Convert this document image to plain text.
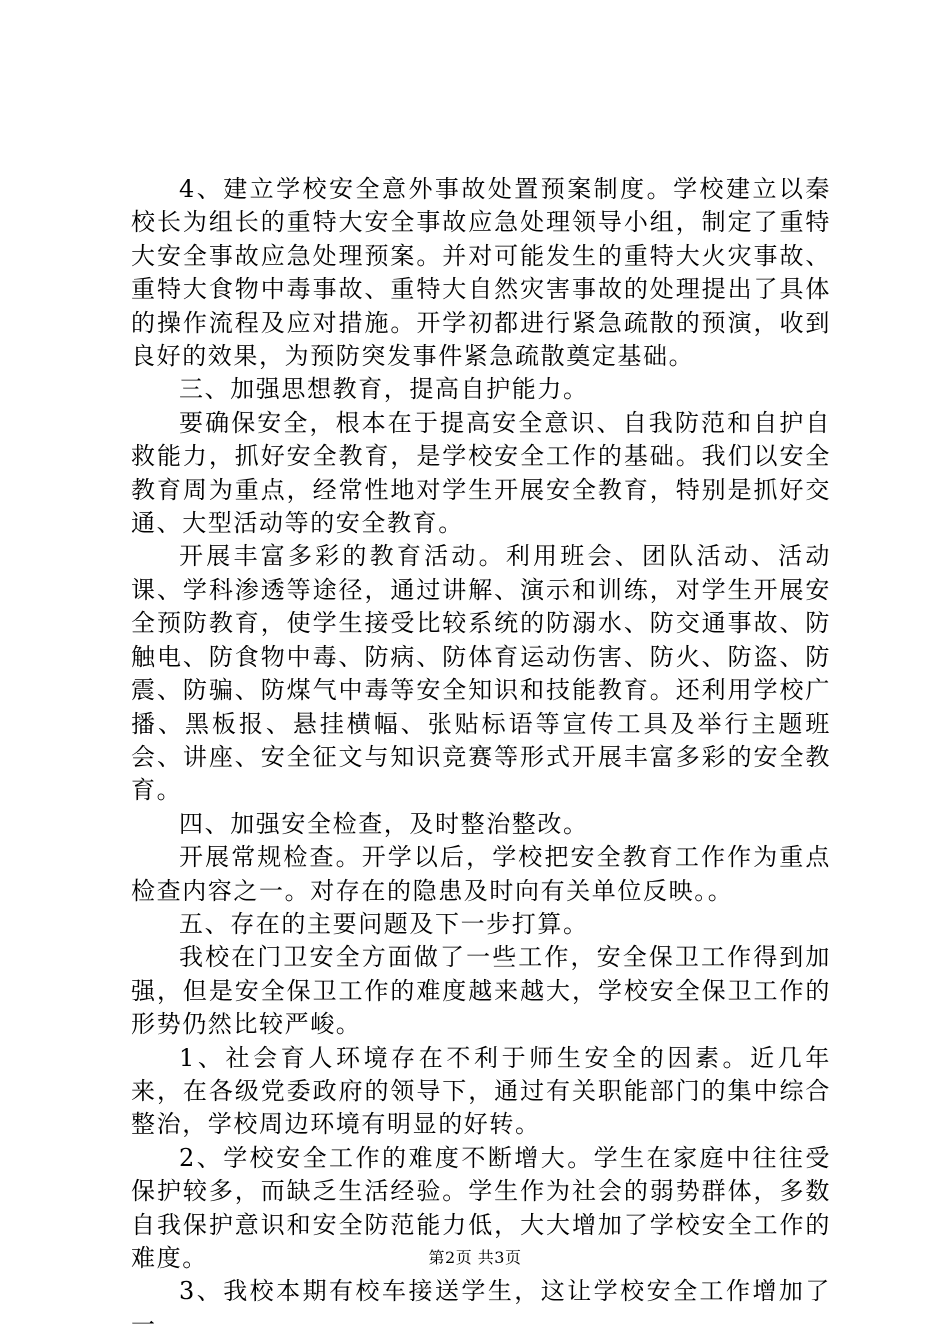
4、建立学校安全意外事故处置预案制度。学校建立以秦校长为组长的重特大安全事故应急处理领导小组，制定了重特大安全事故应急处理预案。并对可能发生的重特大火灾事故、重特大食物中毒事故、重特大自然灾害事故的处理提出了具体的操作流程及应对措施。开学初都进行紧急疏散的预演，收到良好的效果，为预防突发事件紧急疏散奠定基础。

三、加强思想教育，提高自护能力。

要确保安全，根本在于提高安全意识、自我防范和自护自救能力，抓好安全教育，是学校安全工作的基础。我们以安全教育周为重点，经常性地对学生开展安全教育，特别是抓好交通、大型活动等的安全教育。

开展丰富多彩的教育活动。利用班会、团队活动、活动课、学科渗透等途径，通过讲解、演示和训练，对学生开展安全预防教育，使学生接受比较系统的防溺水、防交通事故、防触电、防食物中毒、防病、防体育运动伤害、防火、防盗、防震、防骗、防煤气中毒等安全知识和技能教育。还利用学校广播、黑板报、悬挂横幅、张贴标语等宣传工具及举行主题班会、讲座、安全征文与知识竞赛等形式开展丰富多彩的安全教育。

四、加强安全检查，及时整治整改。

开展常规检查。开学以后，学校把安全教育工作作为重点检查内容之一。对存在的隐患及时向有关单位反映。。

五、存在的主要问题及下一步打算。

我校在门卫安全方面做了一些工作，安全保卫工作得到加强，但是安全保卫工作的难度越来越大，学校安全保卫工作的形势仍然比较严峻。

1、社会育人环境存在不利于师生安全的因素。近几年来，在各级党委政府的领导下，通过有关职能部门的集中综合整治，学校周边环境有明显的好转。

2、学校安全工作的难度不断增大。学生在家庭中往往受保护较多，而缺乏生活经验。学生作为社会的弱势群体，多数自我保护意识和安全防范能力低，大大增加了学校安全工作的难度。

3、我校本期有校车接送学生，这让学校安全工作增加了一

第2页 共3页
